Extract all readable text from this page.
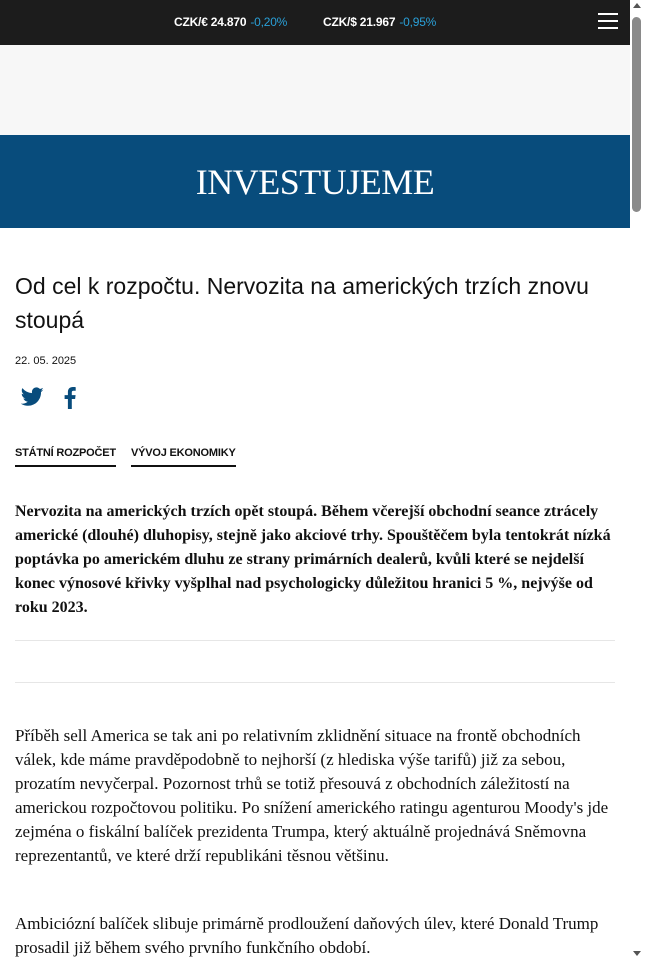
CZK/€ 24.870 -0,20%	CZK/$ 21.967 -0,95%
INVESTUJEME
Od cel k rozpočtu. Nervozita na amerických trzích znovu stoupá
22. 05. 2025
STÁTNÍ ROZPOČET VÝVOJ EKONOMIKY

Nervozita na amerických trzích opět stoupá. Během včerejší obchodní seance ztrácely americké (dlouhé) dluhopisy, stejně jako akciové trhy. Spouštěčem byla tentokrát nízká poptávka po americkém dluhu ze strany primárních dealerů, kvůli které se nejdelší konec výnosové křivky vyšplhal nad psychologicky důležitou hranici 5 %, nejvýše od roku 2023.

Příběh sell America se tak ani po relativním zklidnění situace na frontě obchodních válek, kde máme pravděpodobně to nejhorší (z hlediska výše tarifů) již za sebou, prozatím nevyčerpal. Pozornost trhů se totiž přesouvá z obchodních záležitostí na americkou rozpočtovou politiku. Po snížení amerického ratingu agenturou Moody's jde zejména o fiskální balíček prezidenta Trumpa, který aktuálně projednává Sněmovna reprezentantů, ve které drží republikáni těsnou většinu.

Ambiciózní balíček slibuje primárně prodloužení daňových úlev, které Donald Trump prosadil již během svého prvního funkčního období.
